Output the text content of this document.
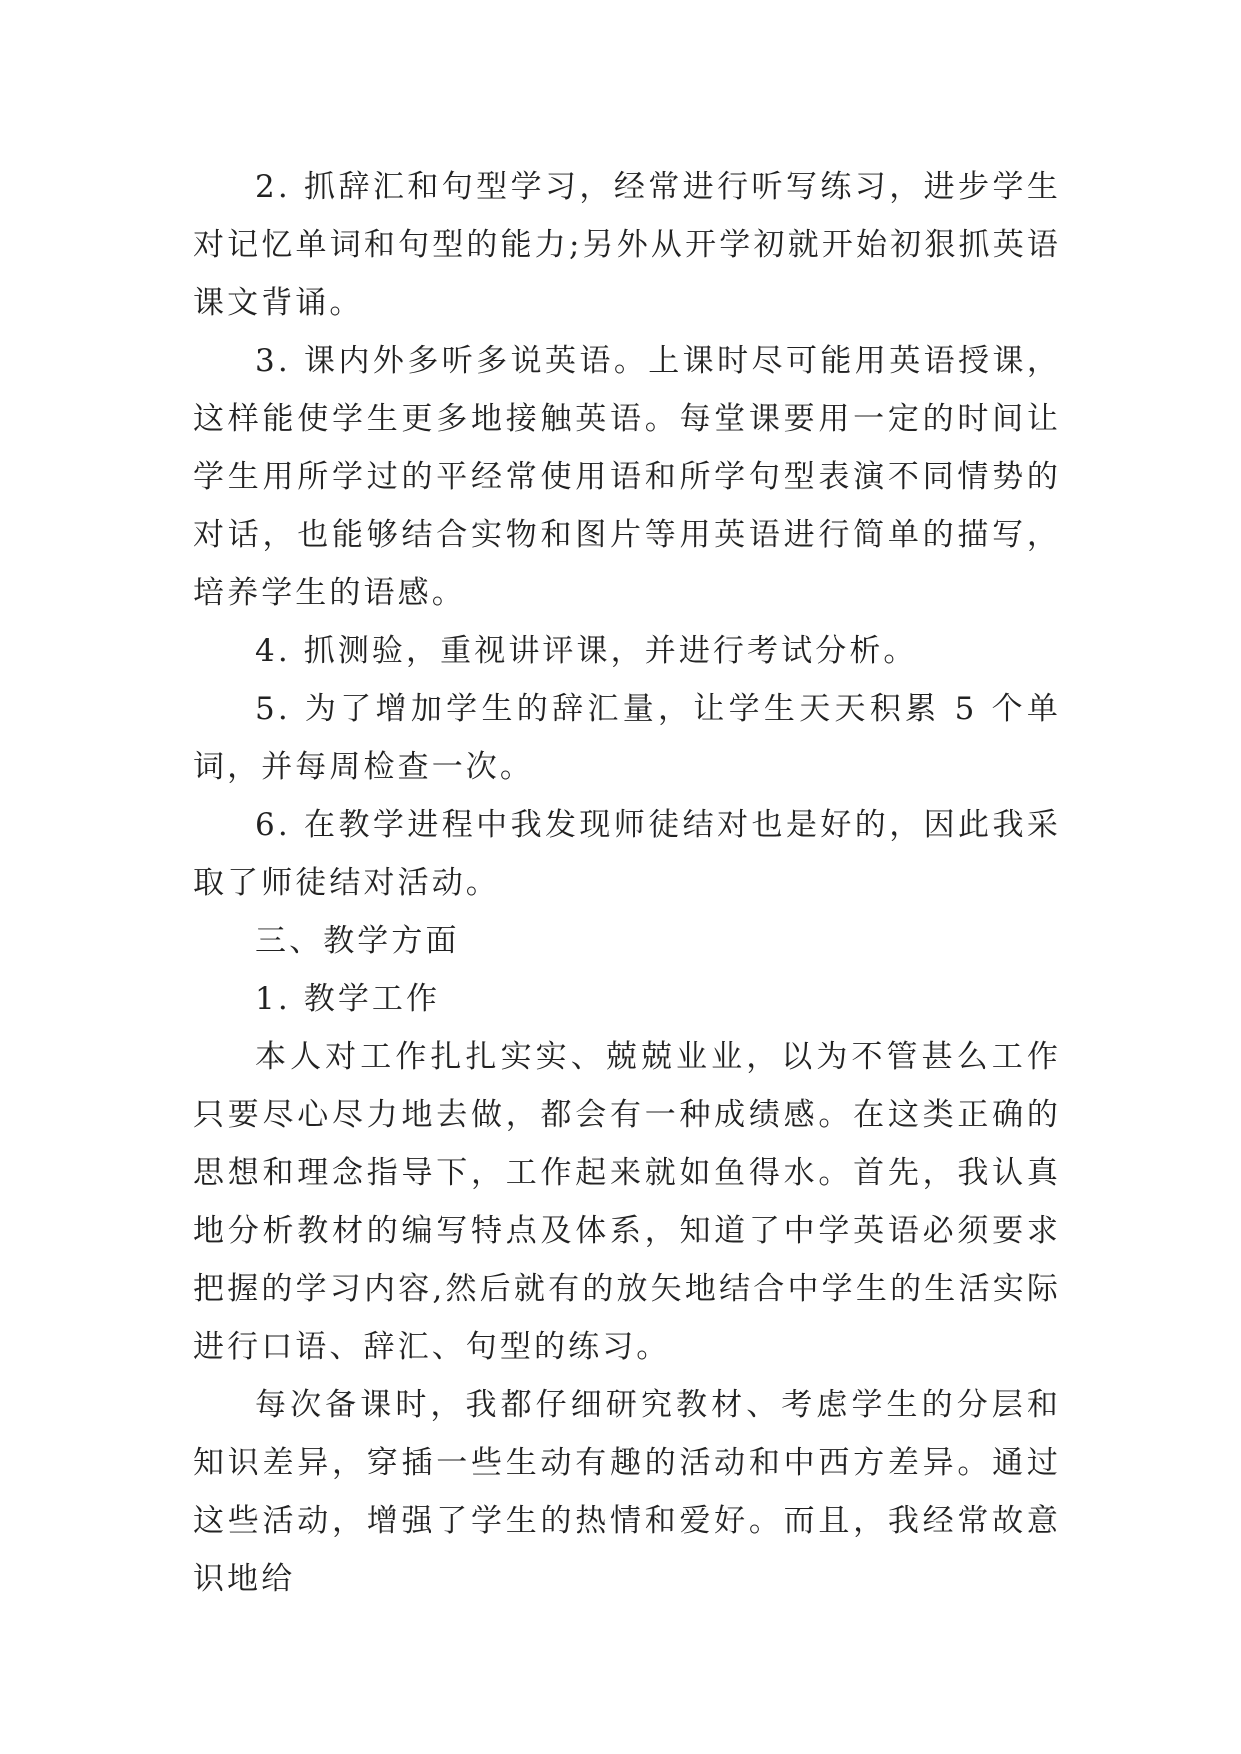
2. 抓辞汇和句型学习，经常进行听写练习，进步学生对记忆单词和句型的能力;另外从开学初就开始初狠抓英语课文背诵。

3. 课内外多听多说英语。上课时尽可能用英语授课，这样能使学生更多地接触英语。每堂课要用一定的时间让学生用所学过的平经常使用语和所学句型表演不同情势的对话，也能够结合实物和图片等用英语进行简单的描写，培养学生的语感。

4. 抓测验，重视讲评课，并进行考试分析。

5. 为了增加学生的辞汇量，让学生天天积累 5 个单词，并每周检查一次。

6. 在教学进程中我发现师徒结对也是好的，因此我采取了师徒结对活动。

三、教学方面

1. 教学工作

本人对工作扎扎实实、兢兢业业，以为不管甚么工作只要尽心尽力地去做，都会有一种成绩感。在这类正确的思想和理念指导下，工作起来就如鱼得水。首先，我认真地分析教材的编写特点及体系，知道了中学英语必须要求把握的学习内容,然后就有的放矢地结合中学生的生活实际进行口语、辞汇、句型的练习。

每次备课时，我都仔细研究教材、考虑学生的分层和知识差异，穿插一些生动有趣的活动和中西方差异。通过这些活动，增强了学生的热情和爱好。而且，我经常故意识地给
